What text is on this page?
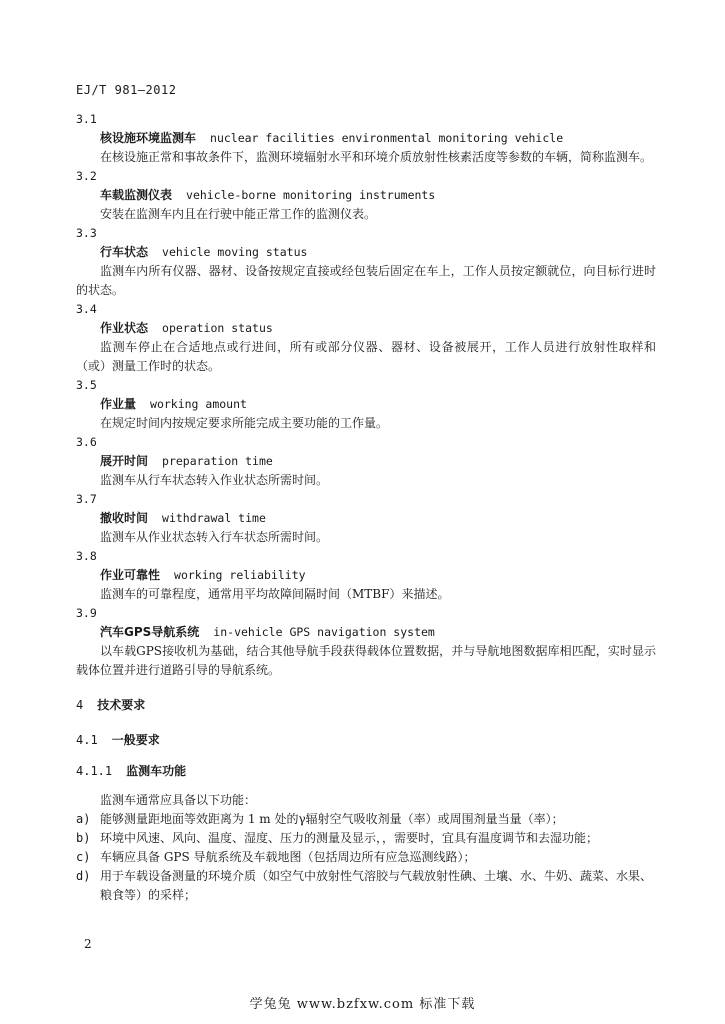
EJ/T 981—2012
3.1
核设施环境监测车 nuclear facilities environmental monitoring vehicle
在核设施正常和事故条件下，监测环境辐射水平和环境介质放射性核素活度等参数的车辆，简称监测车。
3.2
车载监测仪表 vehicle-borne monitoring instruments
安装在监测车内且在行驶中能正常工作的监测仪表。
3.3
行车状态 vehicle moving status
监测车内所有仪器、器材、设备按规定直接或经包装后固定在车上，工作人员按定额就位，向目标行进时的状态。
3.4
作业状态 operation status
监测车停止在合适地点或行进间，所有或部分仪器、器材、设备被展开，工作人员进行放射性取样和（或）测量工作时的状态。
3.5
作业量 working amount
在规定时间内按规定要求所能完成主要功能的工作量。
3.6
展开时间 preparation time
监测车从行车状态转入作业状态所需时间。
3.7
撤收时间 withdrawal time
监测车从作业状态转入行车状态所需时间。
3.8
作业可靠性 working reliability
监测车的可靠程度，通常用平均故障间隔时间（MTBF）来描述。
3.9
汽车GPS导航系统 in-vehicle GPS navigation system
以车载GPS接收机为基础，结合其他导航手段获得载体位置数据，并与导航地图数据库相匹配，实时显示载体位置并进行道路引导的导航系统。
4 技术要求
4.1 一般要求
4.1.1 监测车功能
监测车通常应具备以下功能：
a) 能够测量距地面等效距离为 1 m 处的γ辐射空气吸收剂量（率）或周围剂量当量（率）；
b) 环境中风速、风向、温度、湿度、压力的测量及显示，，需要时，宜具有温度调节和去湿功能；
c) 车辆应具备 GPS 导航系统及车载地图（包括周边所有应急巡测线路）；
d) 用于车载设备测量的环境介质（如空气中放射性气溶胶与气载放射性碘、土壤、水、牛奶、蔬菜、水果、粮食等）的采样；
2
学兔兔 www.bzfxw.com 标准下载
